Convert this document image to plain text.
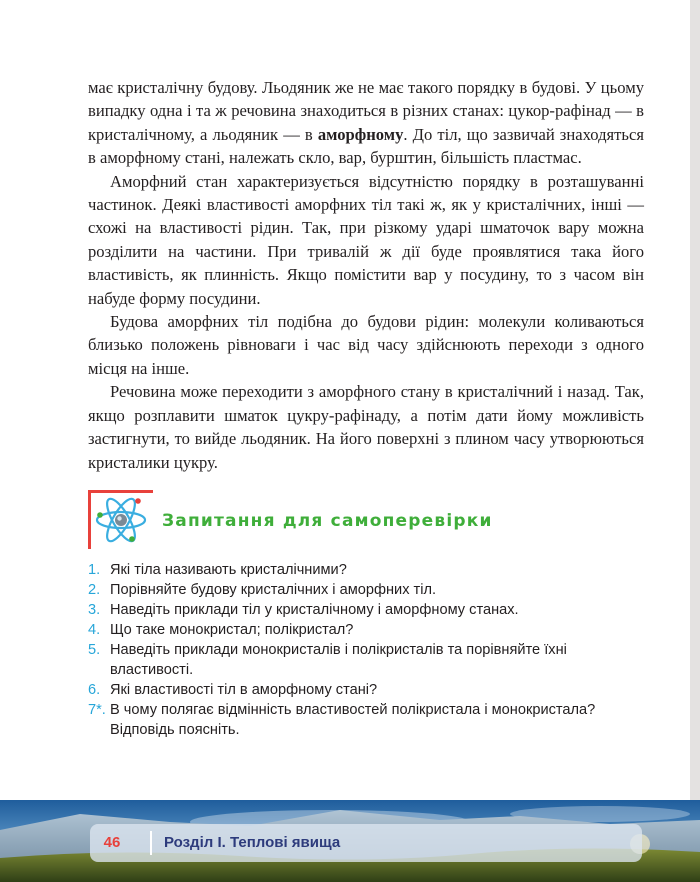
має кристалічну будову. Льодяник же не має такого порядку в будові. У цьому випадку одна і та ж речовина знаходиться в різних станах: цукор-рафінад — в кристалічному, а льодяник — в аморфному. До тіл, що зазвичай знаходяться в аморфному стані, належать скло, вар, бурштин, більшість пластмас.

Аморфний стан характеризується відсутністю порядку в розташуванні частинок. Деякі властивості аморфних тіл такі ж, як у кристалічних, інші — схожі на властивості рідин. Так, при різкому ударі шматочок вару можна розділити на частини. При тривалій ж дії буде проявлятися така його властивість, як плинність. Якщо помістити вар у посудину, то з часом він набуде форму посудини.

Будова аморфних тіл подібна до будови рідин: молекули коливаються близько положень рівноваги і час від часу здійснюють переходи з одного місця на інше.

Речовина може переходити з аморфного стану в кристалічний і назад. Так, якщо розплавити шматок цукру-рафінаду, а потім дати йому можливість застигнути, то вийде льодяник. На його поверхні з плином часу утворюються кристалики цукру.

Запитання для самоперевірки
1. Які тіла називають кристалічними?
2. Порівняйте будову кристалічних і аморфних тіл.
3. Наведіть приклади тіл у кристалічному і аморфному станах.
4. Що таке монокристал; полікристал?
5. Наведіть приклади монокристалів і полікристалів та порівняйте їхні властивості.
6. Які властивості тіл в аморфному стані?
7*. В чому полягає відмінність властивостей полікристала і монокристала? Відповідь поясніть.
46	Розділ І. Теплові явища
